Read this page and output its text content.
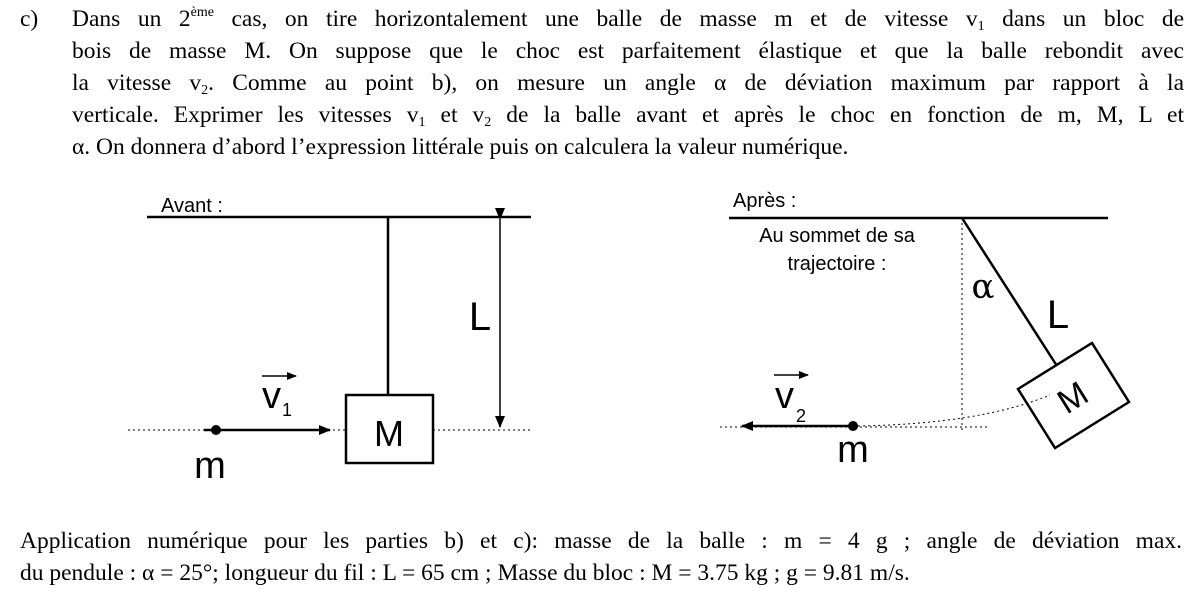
c) Dans un 2ème cas, on tire horizontalement une balle de masse m et de vitesse $v_1$ dans un bloc de
bois de masse M. On suppose que le choc est parfaitement élastique et que la balle rebondit avec
la vitesse $v_2$. Comme au point b), on mesure un angle α de déviation maximum par rapport à la
verticale. Exprimer les vitesses $v_1$ et $v_2$ de la balle avant et après le choc en fonction de m, M, L et
α. On donnera d’abord l’expression littérale puis on calculera la valeur numérique.
Avant :
M
L
v 1
m
Après :
Au sommet de sa
trajectoire :
M
α
L
v 2
m
Application numérique pour les parties b) et c): masse de la balle : m = 4 g ; angle de déviation max.
du pendule : α = 25°; longueur du fil : L = 65 cm ; Masse du bloc : M = 3.75 kg ; g = 9.81 m/s.
